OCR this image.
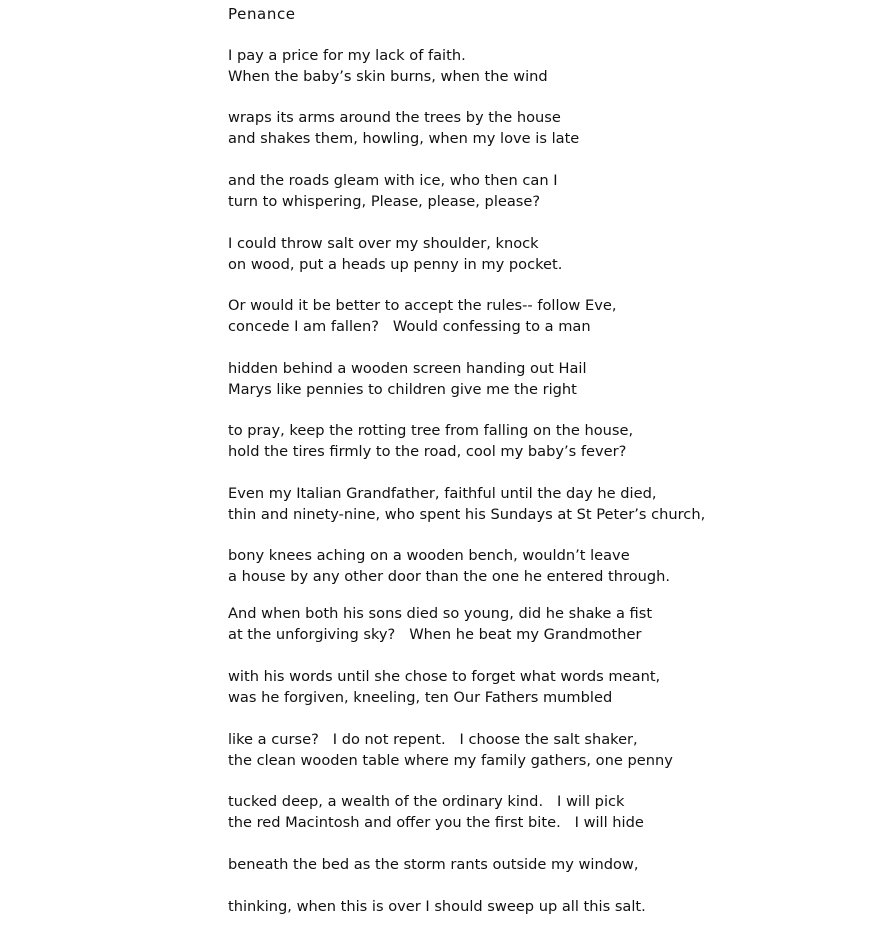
Penance
I pay a price for my lack of faith.
When the baby’s skin burns, when the wind
wraps its arms around the trees by the house
and shakes them, howling, when my love is late
and the roads gleam with ice, who then can I
turn to whispering, Please, please, please?
I could throw salt over my shoulder, knock
on wood, put a heads up penny in my pocket.
Or would it be better to accept the rules-- follow Eve,
concede I am fallen?   Would confessing to a man
hidden behind a wooden screen handing out Hail
Marys like pennies to children give me the right
to pray, keep the rotting tree from falling on the house,
hold the tires firmly to the road, cool my baby’s fever?
Even my Italian Grandfather, faithful until the day he died,
thin and ninety-nine, who spent his Sundays at St Peter’s church,
bony knees aching on a wooden bench, wouldn’t leave
a house by any other door than the one he entered through.
And when both his sons died so young, did he shake a fist
at the unforgiving sky?   When he beat my Grandmother
with his words until she chose to forget what words meant,
was he forgiven, kneeling, ten Our Fathers mumbled
like a curse?   I do not repent.   I choose the salt shaker,
the clean wooden table where my family gathers, one penny
tucked deep, a wealth of the ordinary kind.   I will pick
the red Macintosh and offer you the first bite.   I will hide
beneath the bed as the storm rants outside my window,
thinking, when this is over I should sweep up all this salt.
